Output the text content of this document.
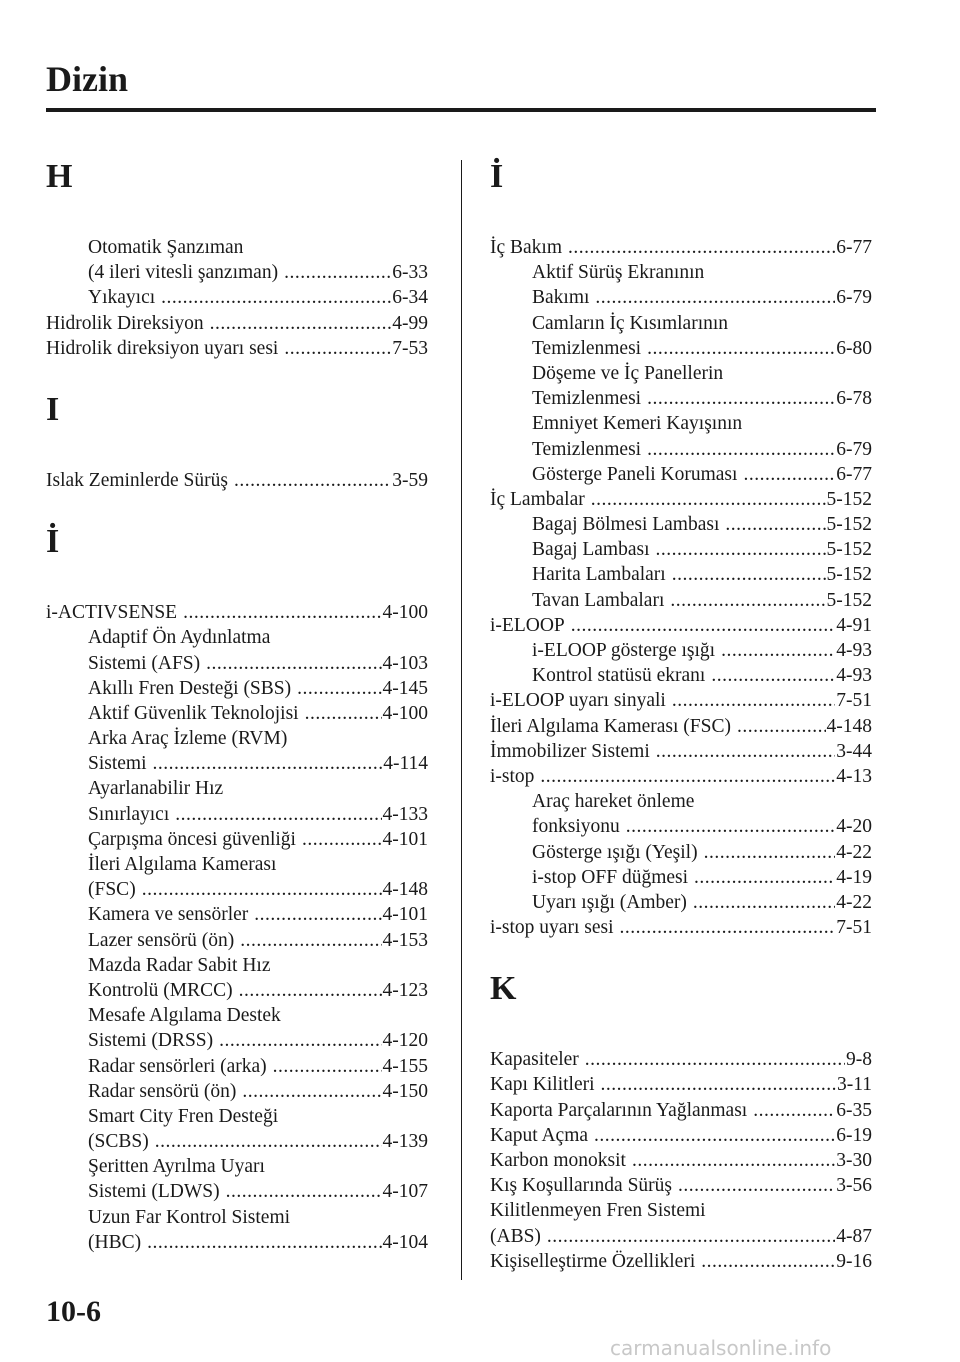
Dizin
H
Otomatik Şanzıman
(4 ileri vitesli şanzıman) .....	6-33
Yıkayıcı .....	6-34
Hidrolik Direksiyon .....	4-99
Hidrolik direksiyon uyarı sesi .....	7-53
I
Islak Zeminlerde Sürüş .....	3-59
İ
i-ACTIVSENSE .....	4-100
Adaptif Ön Aydınlatma
Sistemi (AFS) .....	4-103
Akıllı Fren Desteği (SBS) .....	4-145
Aktif Güvenlik Teknolojisi .....	4-100
Arka Araç İzleme (RVM)
Sistemi .....	4-114
Ayarlanabilir Hız
Sınırlayıcı .....	4-133
Çarpışma öncesi güvenliği .....	4-101
İleri Algılama Kamerası
(FSC) .....	4-148
Kamera ve sensörler .....	4-101
Lazer sensörü (ön) .....	4-153
Mazda Radar Sabit Hız
Kontrolü (MRCC) .....	4-123
Mesafe Algılama Destek
Sistemi (DRSS) .....	4-120
Radar sensörleri (arka) .....	4-155
Radar sensörü (ön) .....	4-150
Smart City Fren Desteği
(SCBS) .....	4-139
Şeritten Ayrılma Uyarı
Sistemi (LDWS) .....	4-107
Uzun Far Kontrol Sistemi
(HBC) .....	4-104
İ
İç Bakım .....	6-77
Aktif Sürüş Ekranının
Bakımı .....	6-79
Camların İç Kısımlarının
Temizlenmesi .....	6-80
Döşeme ve İç Panellerin
Temizlenmesi .....	6-78
Emniyet Kemeri Kayışının
Temizlenmesi .....	6-79
Gösterge Paneli Koruması .....	6-77
İç Lambalar .....	5-152
Bagaj Bölmesi Lambası .....	5-152
Bagaj Lambası .....	5-152
Harita Lambaları .....	5-152
Tavan Lambaları .....	5-152
i-ELOOP .....	4-91
i-ELOOP gösterge ışığı .....	4-93
Kontrol statüsü ekranı .....	4-93
i-ELOOP uyarı sinyali .....	7-51
İleri Algılama Kamerası (FSC) .....	4-148
İmmobilizer Sistemi .....	3-44
i-stop .....	4-13
Araç hareket önleme
fonksiyonu .....	4-20
Gösterge ışığı (Yeşil) .....	4-22
i-stop OFF düğmesi .....	4-19
Uyarı ışığı (Amber) .....	4-22
i-stop uyarı sesi .....	7-51
K
Kapasiteler .....	9-8
Kapı Kilitleri .....	3-11
Kaporta Parçalarının Yağlanması .....	6-35
Kaput Açma .....	6-19
Karbon monoksit .....	3-30
Kış Koşullarında Sürüş .....	3-56
Kilitlenmeyen Fren Sistemi
(ABS) .....	4-87
Kişiselleştirme Özellikleri .....	9-16
10-6
carmanualsonline.info
